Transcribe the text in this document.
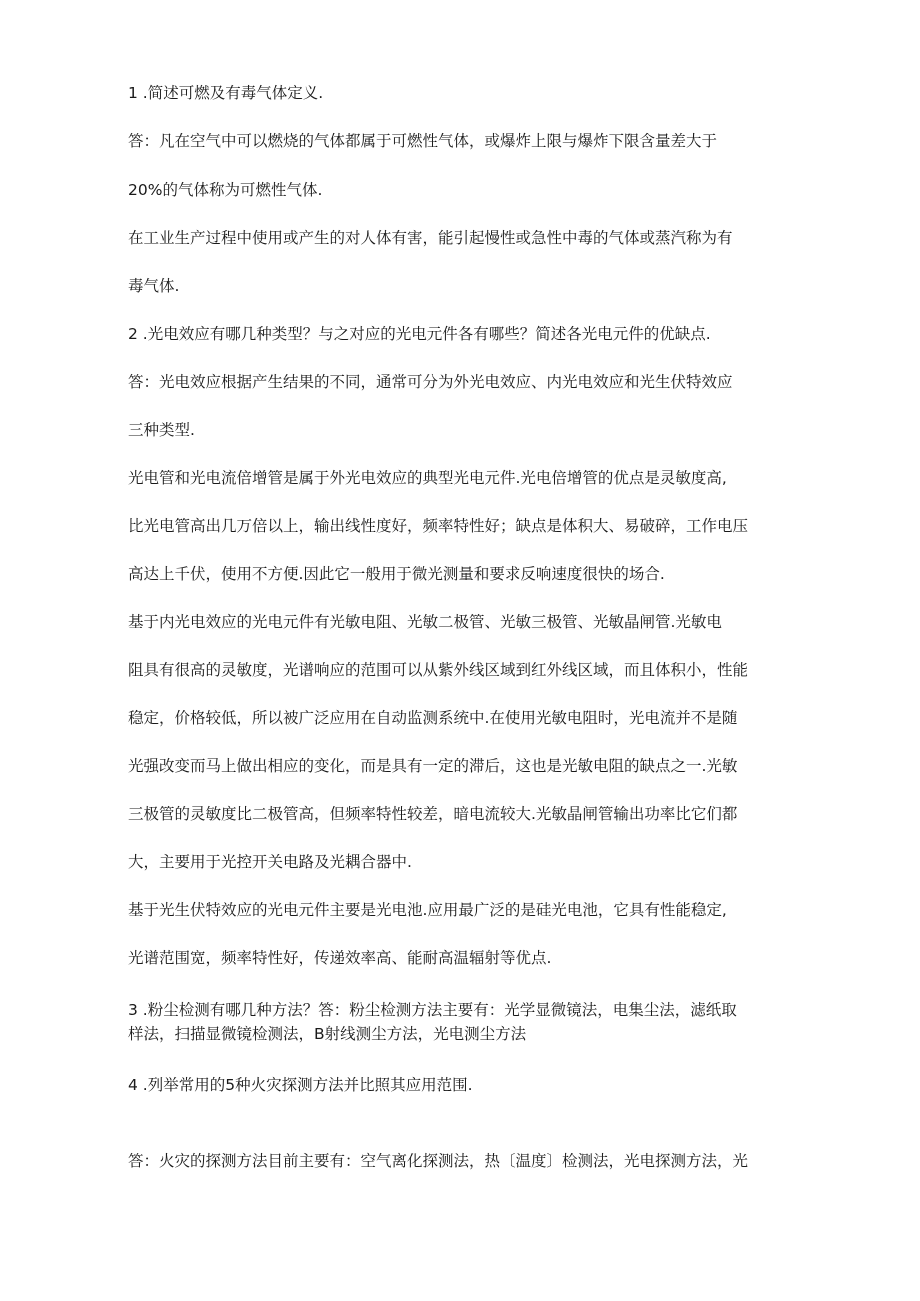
1 .简述可燃及有毒气体定义.
答：凡在空气中可以燃烧的气体都属于可燃性气体，或爆炸上限与爆炸下限含量差大于
20%的气体称为可燃性气体.
在工业生产过程中使用或产生的对人体有害，能引起慢性或急性中毒的气体或蒸汽称为有
毒气体.
2 .光电效应有哪几种类型？与之对应的光电元件各有哪些？简述各光电元件的优缺点.
答：光电效应根据产生结果的不同，通常可分为外光电效应、内光电效应和光生伏特效应
三种类型.
光电管和光电流倍增管是属于外光电效应的典型光电元件.光电倍增管的优点是灵敏度高,
比光电管高出几万倍以上，输出线性度好，频率特性好；缺点是体积大、易破碎，工作电压
高达上千伏，使用不方便.因此它一般用于微光测量和要求反响速度很快的场合.
基于内光电效应的光电元件有光敏电阻、光敏二极管、光敏三极管、光敏晶闸管.光敏电
阻具有很高的灵敏度，光谱响应的范围可以从紫外线区域到红外线区域，而且体积小，性能
稳定，价格较低，所以被广泛应用在自动监测系统中.在使用光敏电阻时，光电流并不是随
光强改变而马上做出相应的变化，而是具有一定的滞后，这也是光敏电阻的缺点之一.光敏
三极管的灵敏度比二极管高，但频率特性较差，暗电流较大.光敏晶闸管输出功率比它们都
大，主要用于光控开关电路及光耦合器中.
基于光生伏特效应的光电元件主要是光电池.应用最广泛的是硅光电池，它具有性能稳定,
光谱范围宽，频率特性好，传递效率高、能耐高温辐射等优点.
3 .粉尘检测有哪几种方法？答：粉尘检测方法主要有：光学显微镜法，电集尘法，滤纸取
样法，扫描显微镜检测法，B射线测尘方法，光电测尘方法
4 .列举常用的5种火灾探测方法并比照其应用范围.
答：火灾的探测方法目前主要有：空气离化探测法，热〔温度〕检测法，光电探测方法，光
